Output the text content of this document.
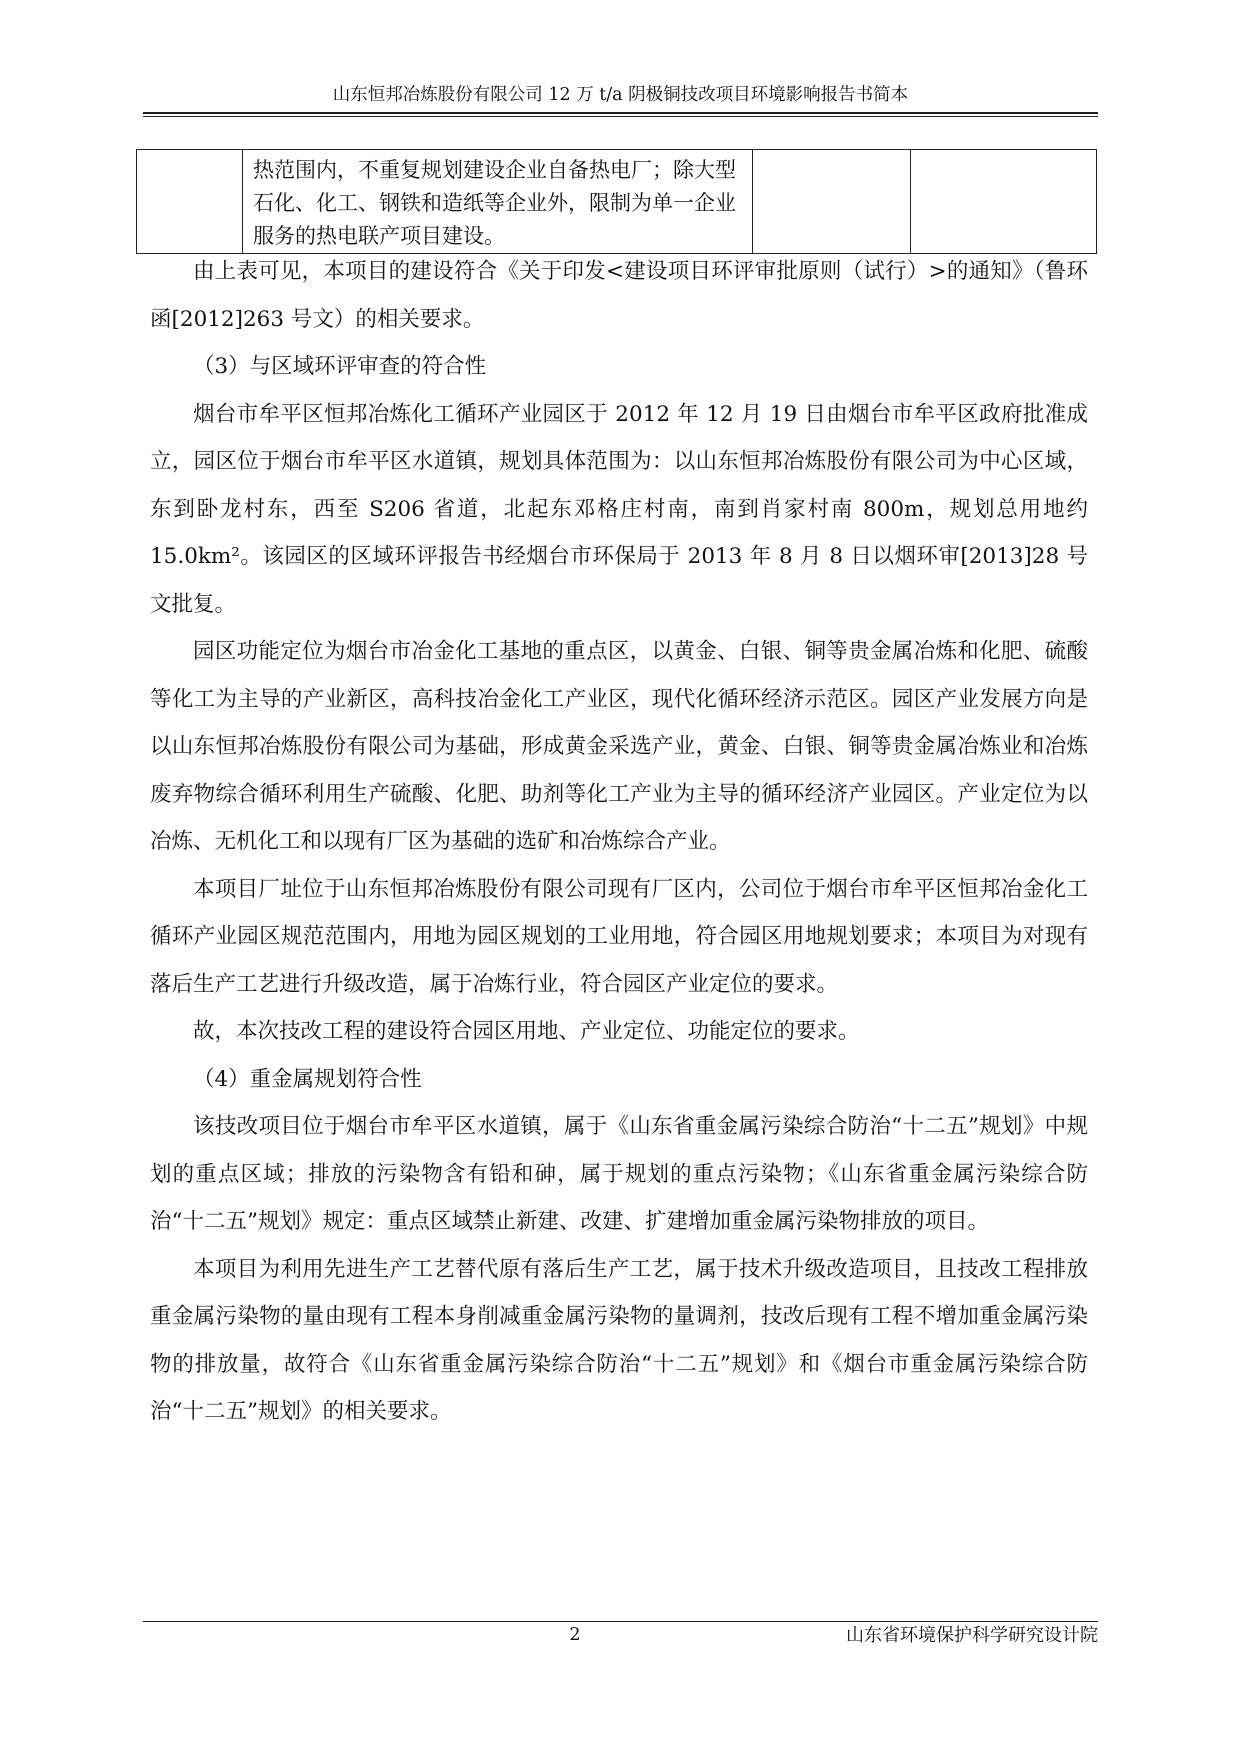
山东恒邦冶炼股份有限公司 12 万 t/a 阴极铜技改项目环境影响报告书简本

热范围内，不重复规划建设企业自备热电厂；除大型石化、化工、钢铁和造纸等企业外，限制为单一企业服务的热电联产项目建设。

由上表可见，本项目的建设符合《关于印发<建设项目环评审批原则（试行）>的通知》（鲁环函[2012]263 号文）的相关要求。

（3）与区域环评审查的符合性

烟台市牟平区恒邦冶炼化工循环产业园区于 2012 年 12 月 19 日由烟台市牟平区政府批准成立，园区位于烟台市牟平区水道镇，规划具体范围为：以山东恒邦冶炼股份有限公司为中心区域，东到卧龙村东，西至 S206 省道，北起东邓格庄村南，南到肖家村南 800m，规划总用地约 15.0km²。该园区的区域环评报告书经烟台市环保局于 2013 年 8 月 8 日以烟环审[2013]28 号文批复。

园区功能定位为烟台市冶金化工基地的重点区，以黄金、白银、铜等贵金属冶炼和化肥、硫酸等化工为主导的产业新区，高科技冶金化工产业区，现代化循环经济示范区。园区产业发展方向是以山东恒邦冶炼股份有限公司为基础，形成黄金采选产业，黄金、白银、铜等贵金属冶炼业和冶炼废弃物综合循环利用生产硫酸、化肥、助剂等化工产业为主导的循环经济产业园区。产业定位为以冶炼、无机化工和以现有厂区为基础的选矿和冶炼综合产业。

本项目厂址位于山东恒邦冶炼股份有限公司现有厂区内，公司位于烟台市牟平区恒邦冶金化工循环产业园区规范范围内，用地为园区规划的工业用地，符合园区用地规划要求；本项目为对现有落后生产工艺进行升级改造，属于冶炼行业，符合园区产业定位的要求。

故，本次技改工程的建设符合园区用地、产业定位、功能定位的要求。

（4）重金属规划符合性

该技改项目位于烟台市牟平区水道镇，属于《山东省重金属污染综合防治“十二五”规划》中规划的重点区域；排放的污染物含有铅和砷，属于规划的重点污染物；《山东省重金属污染综合防治“十二五”规划》规定：重点区域禁止新建、改建、扩建增加重金属污染物排放的项目。

本项目为利用先进生产工艺替代原有落后生产工艺，属于技术升级改造项目，且技改工程排放重金属污染物的量由现有工程本身削减重金属污染物的量调剂，技改后现有工程不增加重金属污染物的排放量，故符合《山东省重金属污染综合防治“十二五”规划》和《烟台市重金属污染综合防治“十二五”规划》的相关要求。

2	山东省环境保护科学研究设计院
